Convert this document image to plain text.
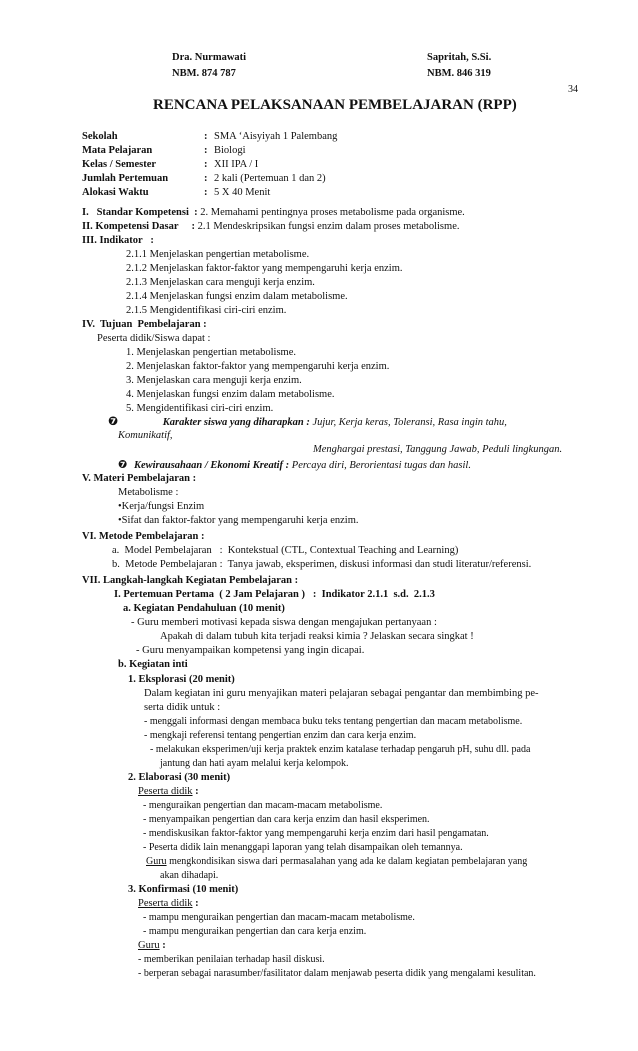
Dra. Nurmawati
NBM. 874 787
Sapritah, S.Si.
NBM. 846 319
34
RENCANA PELAKSANAAN PEMBELAJARAN (RPP)
Sekolah	: SMA ‘Aisyiyah 1 Palembang
Mata Pelajaran	: Biologi
Kelas / Semester	: XII IPA / I
Jumlah Pertemuan	: 2 kali (Pertemuan 1 dan 2)
Alokasi Waktu	: 5 X 40 Menit
I.   Standar Kompetensi  : 2. Memahami pentingnya proses metabolisme pada organisme.
II. Kompetensi Dasar     : 2.1 Mendeskripsikan fungsi enzim dalam proses metabolisme.
III. Indikator   :
2.1.1 Menjelaskan pengertian metabolisme.
2.1.2 Menjelaskan faktor-faktor yang mempengaruhi kerja enzim.
2.1.3 Menjelaskan cara menguji kerja enzim.
2.1.4 Menjelaskan fungsi enzim dalam metabolisme.
2.1.5 Mengidentifikasi ciri-ciri enzim.
IV.  Tujuan  Pembelajaran :
Peserta didik/Siswa dapat :
1. Menjelaskan pengertian metabolisme.
2. Menjelaskan faktor-faktor yang mempengaruhi kerja enzim.
3. Menjelaskan cara menguji kerja enzim.
4. Menjelaskan fungsi enzim dalam metabolisme.
5. Mengidentifikasi ciri-ciri enzim.
❼	Karakter siswa yang diharapkan : Jujur, Kerja keras, Toleransi, Rasa ingin tahu,
Komunikatif,
Menghargai prestasi, Tanggung Jawab, Peduli lingkungan.
❼ Kewirausahaan / Ekonomi Kreatif : Percaya diri, Berorientasi tugas dan hasil.
V. Materi Pembelajaran :
Metabolisme :
•Kerja/fungsi Enzim
•Sifat dan faktor-faktor yang mempengaruhi kerja enzim.
VI. Metode Pembelajaran :
a.  Model Pembelajaran   :  Kontekstual (CTL, Contextual Teaching and Learning)
b.  Metode Pembelajaran :  Tanya jawab, eksperimen, diskusi informasi dan studi literatur/referensi.
VII. Langkah-langkah Kegiatan Pembelajaran :
I. Pertemuan Pertama  ( 2 Jam Pelajaran )   :  Indikator 2.1.1  s.d.  2.1.3
a. Kegiatan Pendahuluan (10 menit)
- Guru memberi motivasi kepada siswa dengan mengajukan pertanyaan :
Apakah di dalam tubuh kita terjadi reaksi kimia ? Jelaskan secara singkat !
- Guru menyampaikan kompetensi yang ingin dicapai.
b. Kegiatan inti
1. Eksplorasi (20 menit)
Dalam kegiatan ini guru menyajikan materi pelajaran sebagai pengantar dan membimbing pe-
serta didik untuk :
- menggali informasi dengan membaca buku teks tentang pengertian dan macam metabolisme.
- mengkaji referensi tentang pengertian enzim dan cara kerja enzim.
- melakukan eksperimen/uji kerja praktek enzim katalase terhadap pengaruh pH, suhu dll. pada
jantung dan hati ayam melalui kerja kelompok.
2. Elaborasi (30 menit)
Peserta didik :
- menguraikan pengertian dan macam-macam metabolisme.
- menyampaikan pengertian dan cara kerja enzim dan hasil eksperimen.
- mendiskusikan faktor-faktor yang mempengaruhi kerja enzim dari hasil pengamatan.
- Peserta didik lain menanggapi laporan yang telah disampaikan oleh temannya.
Guru mengkondisikan siswa dari permasalahan yang ada ke dalam kegiatan pembelajaran yang
akan dihadapi.
3. Konfirmasi (10 menit)
Peserta didik :
- mampu menguraikan pengertian dan macam-macam metabolisme.
- mampu menguraikan pengertian dan cara kerja enzim.
Guru :
- memberikan penilaian terhadap hasil diskusi.
- berperan sebagai narasumber/fasilitator dalam menjawab peserta didik yang mengalami kesulitan.
